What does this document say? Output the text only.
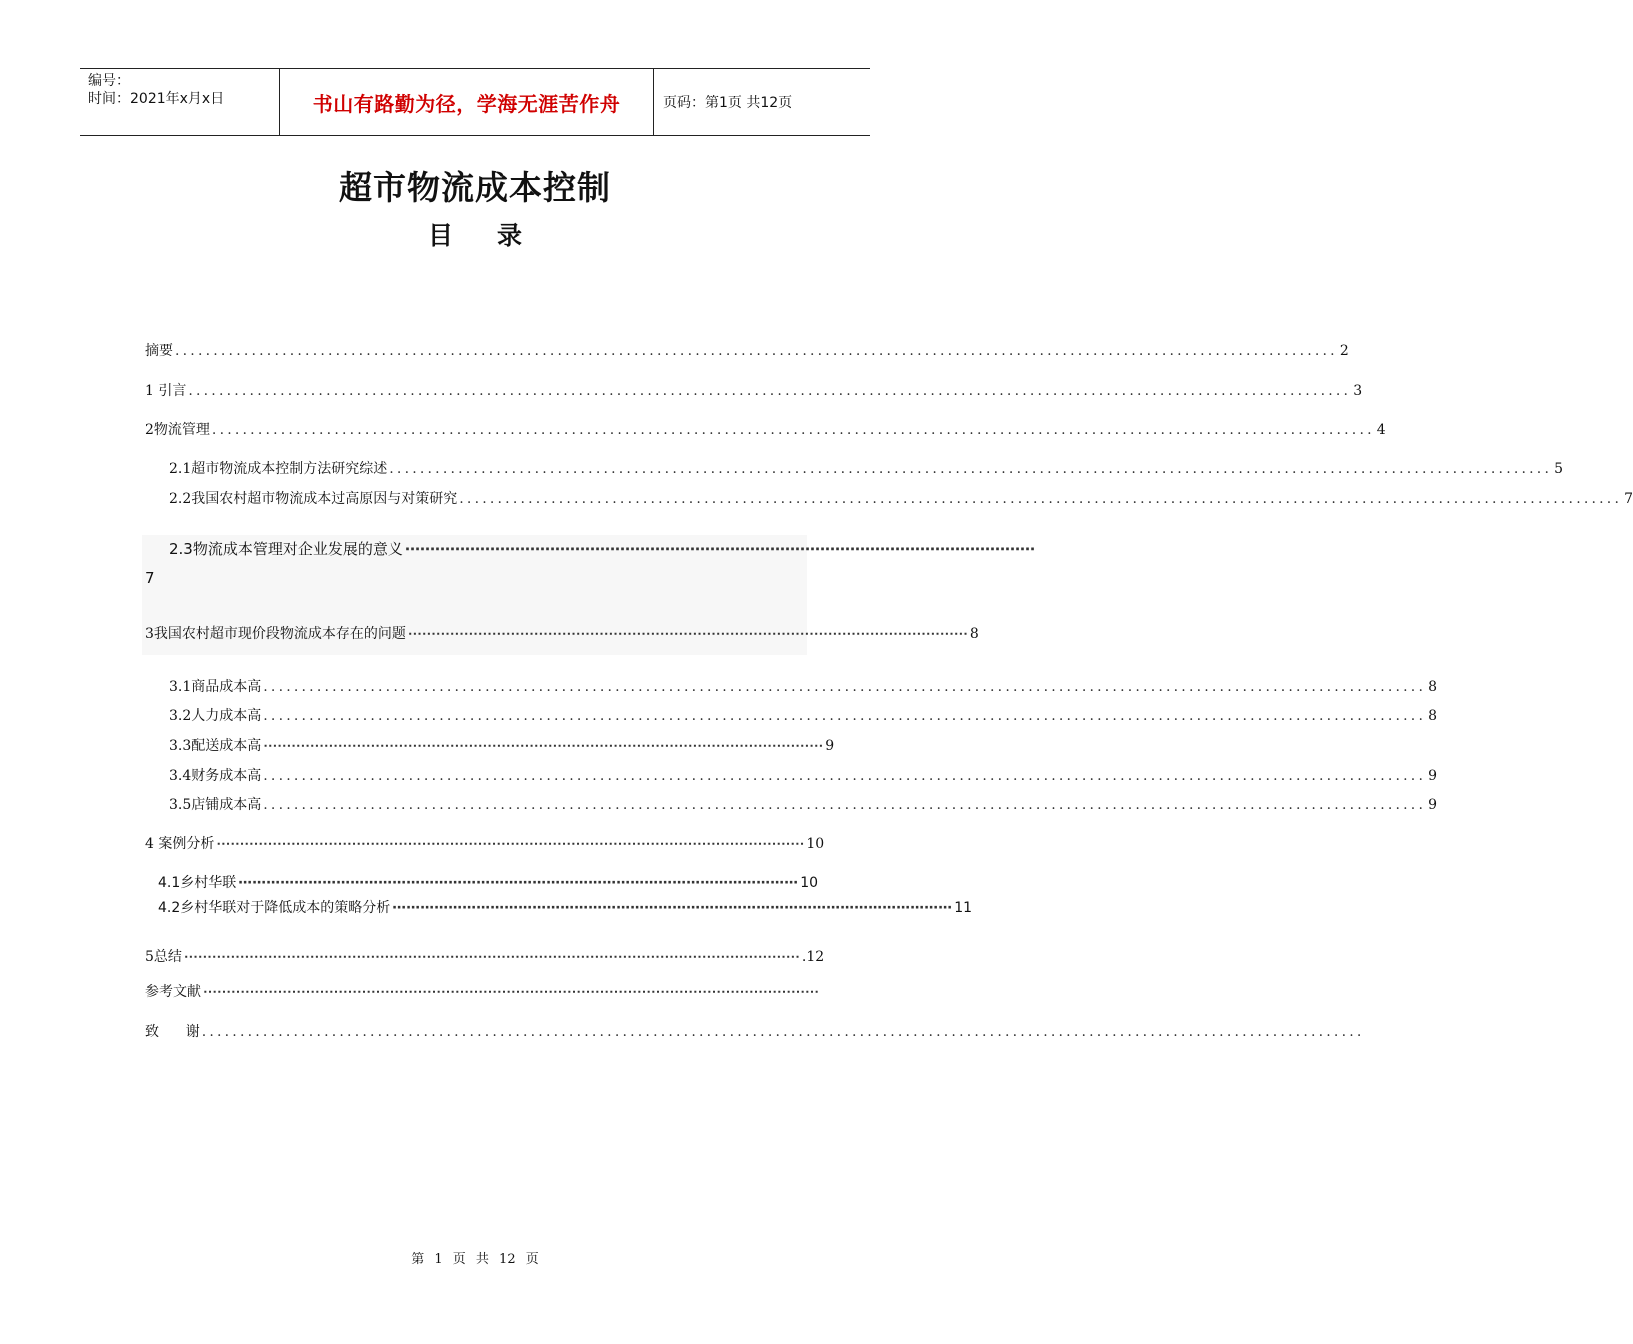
编号：
时间：2021年x月x日	书山有路勤为径，学海无涯苦作舟	页码：第1页 共12页
超市物流成本控制
目录
摘要 ........................................................................................................................................................ 2
1 引言 ........................................................................................................................................................ 3
2物流管理 ........................................................................................................................................................ 4
2.1超市物流成本控制方法研究综述 ........................................................................................................................................................ 5
2.2我国农村超市物流成本过高原因与对策研究 ........................................................................................................................................................ 7
2.3物流成本管理对企业发展的意义 ⋯⋯⋯⋯⋯⋯⋯⋯⋯⋯⋯⋯⋯⋯⋯⋯⋯⋯⋯⋯⋯⋯⋯⋯⋯⋯⋯⋯⋯⋯⋯⋯⋯⋯⋯⋯⋯⋯⋯⋯⋯⋯
7
3我国农村超市现价段物流成本存在的问题 ⋯⋯⋯⋯⋯⋯⋯⋯⋯⋯⋯⋯⋯⋯⋯⋯⋯⋯⋯⋯⋯⋯⋯⋯⋯⋯⋯⋯⋯⋯⋯⋯⋯⋯⋯⋯⋯⋯⋯⋯ 8
3.1商品成本高 ........................................................................................................................................................ 8
3.2人力成本高 ........................................................................................................................................................ 8
3.3配送成本高 ⋯⋯⋯⋯⋯⋯⋯⋯⋯⋯⋯⋯⋯⋯⋯⋯⋯⋯⋯⋯⋯⋯⋯⋯⋯⋯⋯⋯⋯⋯⋯⋯⋯⋯⋯⋯⋯⋯⋯⋯ 9
3.4财务成本高 ........................................................................................................................................................ 9
3.5店铺成本高 ........................................................................................................................................................ 9
4 案例分析 ⋯⋯⋯⋯⋯⋯⋯⋯⋯⋯⋯⋯⋯⋯⋯⋯⋯⋯⋯⋯⋯⋯⋯⋯⋯⋯⋯⋯⋯⋯⋯⋯⋯⋯⋯⋯⋯⋯⋯⋯⋯⋯ 10
4.1乡村华联 ⋯⋯⋯⋯⋯⋯⋯⋯⋯⋯⋯⋯⋯⋯⋯⋯⋯⋯⋯⋯⋯⋯⋯⋯⋯⋯⋯⋯⋯⋯⋯⋯⋯⋯⋯⋯⋯⋯⋯⋯ 10
4.2乡村华联对于降低成本的策略分析 ⋯⋯⋯⋯⋯⋯⋯⋯⋯⋯⋯⋯⋯⋯⋯⋯⋯⋯⋯⋯⋯⋯⋯⋯⋯⋯⋯⋯⋯⋯⋯⋯⋯⋯⋯⋯⋯⋯⋯⋯ 11
5总结 ⋯⋯⋯⋯⋯⋯⋯⋯⋯⋯⋯⋯⋯⋯⋯⋯⋯⋯⋯⋯⋯⋯⋯⋯⋯⋯⋯⋯⋯⋯⋯⋯⋯⋯⋯⋯⋯⋯⋯⋯⋯⋯⋯⋯ .12
参考文献 ⋯⋯⋯⋯⋯⋯⋯⋯⋯⋯⋯⋯⋯⋯⋯⋯⋯⋯⋯⋯⋯⋯⋯⋯⋯⋯⋯⋯⋯⋯⋯⋯⋯⋯⋯⋯⋯⋯⋯⋯⋯⋯⋯⋯
致      谢 ........................................................................................................................................................
第 1 页 共 12 页
